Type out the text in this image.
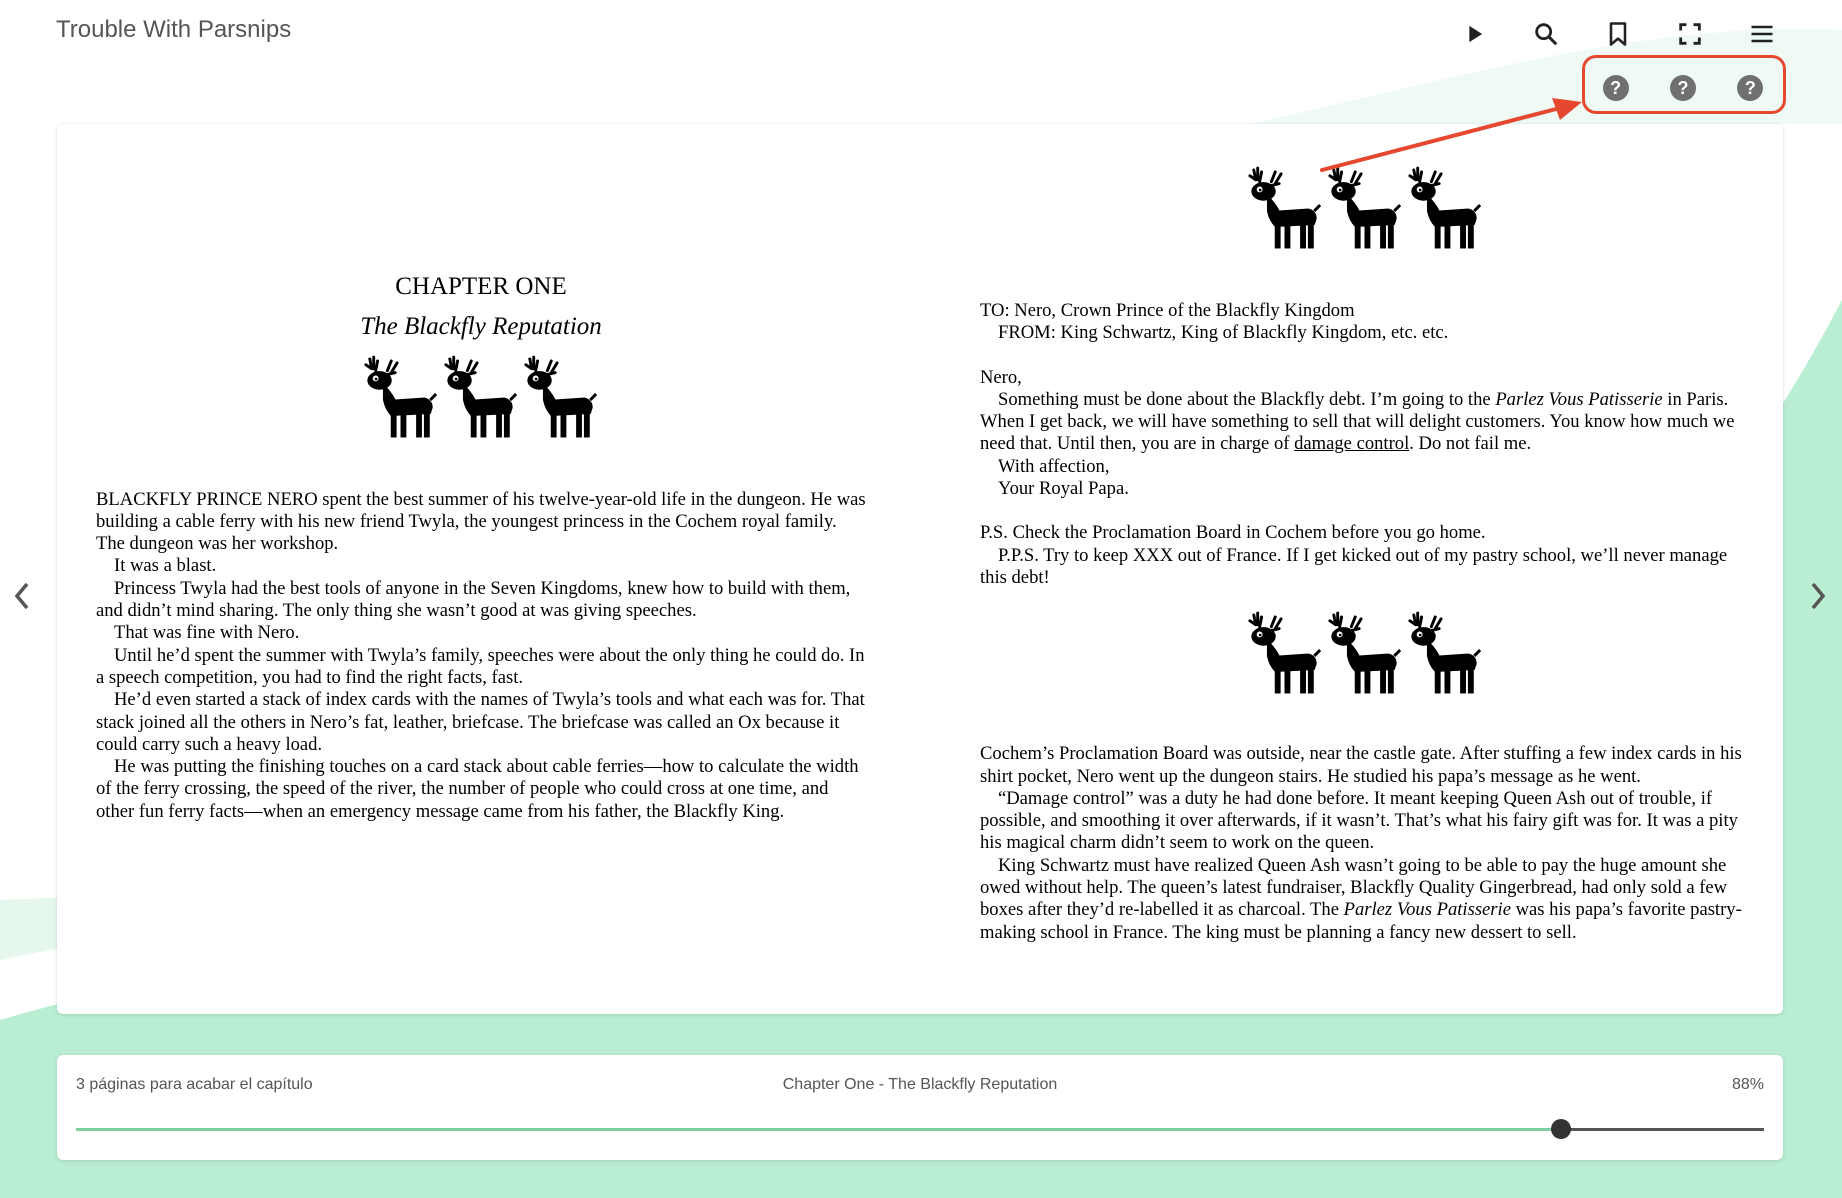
Trouble With Parsnips
?	?	?
CHAPTER ONE
The Blackfly Reputation

BLACKFLY PRINCE NERO spent the best summer of his twelve-year-old life in the dungeon. He was building a cable ferry with his new friend Twyla, the youngest princess in the Cochem royal family. The dungeon was her workshop.

It was a blast.

Princess Twyla had the best tools of anyone in the Seven Kingdoms, knew how to build with them, and didn’t mind sharing. The only thing she wasn’t good at was giving speeches.

That was fine with Nero.

Until he’d spent the summer with Twyla’s family, speeches were about the only thing he could do. In a speech competition, you had to find the right facts, fast.

He’d even started a stack of index cards with the names of Twyla’s tools and what each was for. That stack joined all the others in Nero’s fat, leather, briefcase. The briefcase was called an Ox because it could carry such a heavy load.

He was putting the finishing touches on a card stack about cable ferries—how to calculate the width of the ferry crossing, the speed of the river, the number of people who could cross at one time, and other fun ferry facts—when an emergency message came from his father, the Blackfly King.

TO: Nero, Crown Prince of the Blackfly Kingdom

FROM: King Schwartz, King of Blackfly Kingdom, etc. etc.

Nero,

Something must be done about the Blackfly debt. I’m going to the Parlez Vous Patisserie in Paris. When I get back, we will have something to sell that will delight customers. You know how much we need that. Until then, you are in charge of damage control. Do not fail me.

With affection,

Your Royal Papa.

P.S. Check the Proclamation Board in Cochem before you go home.

P.P.S. Try to keep XXX out of France. If I get kicked out of my pastry school, we’ll never manage this debt!

Cochem’s Proclamation Board was outside, near the castle gate. After stuffing a few index cards in his shirt pocket, Nero went up the dungeon stairs. He studied his papa’s message as he went.

“Damage control” was a duty he had done before. It meant keeping Queen Ash out of trouble, if possible, and smoothing it over afterwards, if it wasn’t. That’s what his fairy gift was for. It was a pity his magical charm didn’t seem to work on the queen.

King Schwartz must have realized Queen Ash wasn’t going to be able to pay the huge amount she owed without help. The queen’s latest fundraiser, Blackfly Quality Gingerbread, had only sold a few boxes after they’d re-labelled it as charcoal. The Parlez Vous Patisserie was his papa’s favorite pastry-making school in France. The king must be planning a fancy new dessert to sell.

3 páginas para acabar el capítulo	Chapter One - The Blackfly Reputation	88%
